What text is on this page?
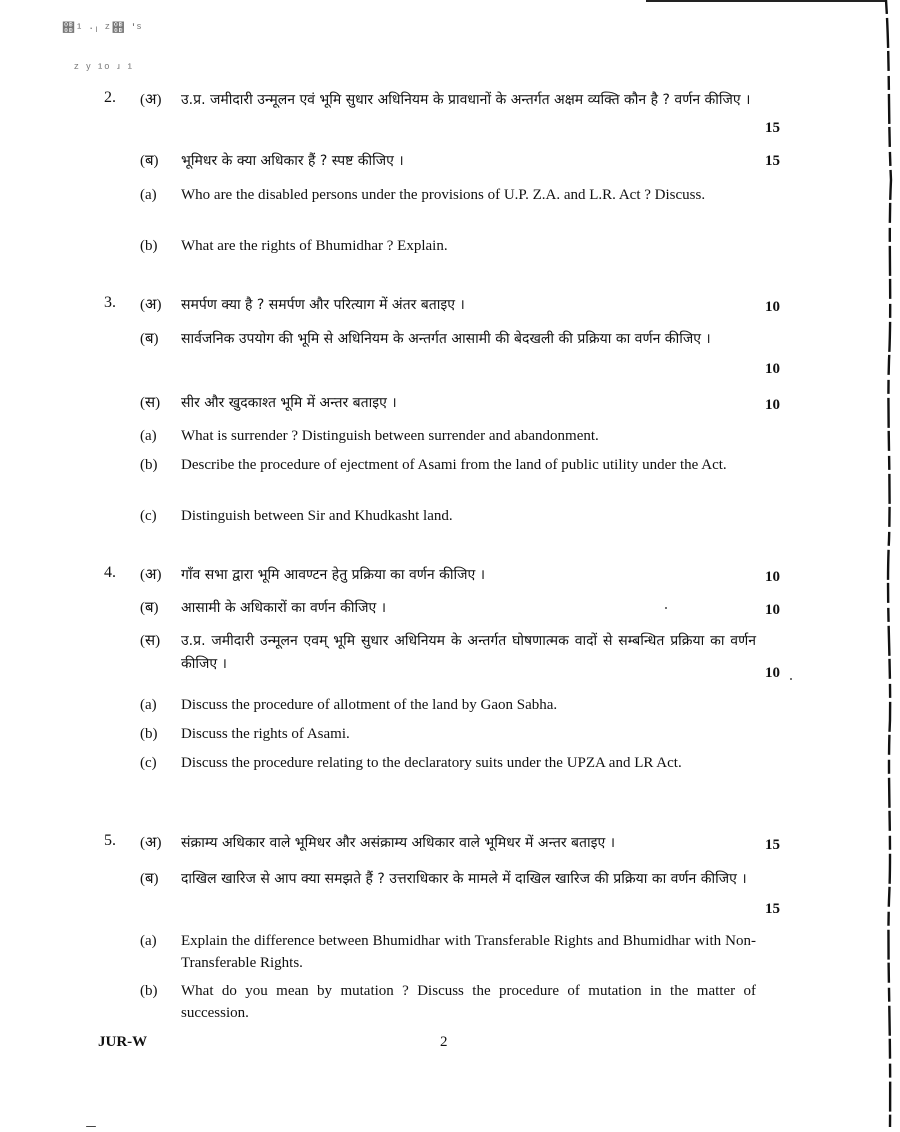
஋¹ ·ₗ ᶻ஋ ʹˢ
ᶻ ʸ ¹ᵒ ʴ ¹
2. (अ) उ.प्र. जमीदारी उन्मूलन एवं भूमि सुधार अधिनियम के प्रावधानों के अन्तर्गत अक्षम व्यक्ति कौन है ? वर्णन कीजिए ।
15
(ब) भूमिधर के क्या अधिकार हैं ? स्पष्ट कीजिए ।	15
(a) Who are the disabled persons under the provisions of U.P. Z.A. and L.R. Act ? Discuss.
(b) What are the rights of Bhumidhar ? Explain.
3. (अ) समर्पण क्या है ? समर्पण और परित्याग में अंतर बताइए ।	10
(ब) सार्वजनिक उपयोग की भूमि से अधिनियम के अन्तर्गत आसामी की बेदखली की प्रक्रिया का वर्णन कीजिए ।
10
(स) सीर और खुदकाश्त भूमि में अन्तर बताइए ।	10
(a) What is surrender ? Distinguish between surrender and abandonment.
(b) Describe the procedure of ejectment of Asami from the land of public utility under the Act.
(c) Distinguish between Sir and Khudkasht land.
4. (अ) गाँव सभा द्वारा भूमि आवण्टन हेतु प्रक्रिया का वर्णन कीजिए ।	10
(ब) आसामी के अधिकारों का वर्णन कीजिए ।	10
(स) उ.प्र. जमीदारी उन्मूलन एवम् भूमि सुधार अधिनियम के अन्तर्गत घोषणात्मक वादों से सम्बन्धित प्रक्रिया का वर्णन कीजिए ।
10
(a) Discuss the procedure of allotment of the land by Gaon Sabha.
(b) Discuss the rights of Asami.
(c) Discuss the procedure relating to the declaratory suits under the UPZA and LR Act.
5. (अ) संक्राम्य अधिकार वाले भूमिधर और असंक्राम्य अधिकार वाले भूमिधर में अन्तर बताइए ।	15
(ब) दाखिल खारिज से आप क्या समझते हैं ? उत्तराधिकार के मामले में दाखिल खारिज की प्रक्रिया का वर्णन कीजिए ।
15
(a) Explain the difference between Bhumidhar with Transferable Rights and Bhumidhar with Non-Transferable Rights.
(b) What do you mean by mutation ? Discuss the procedure of mutation in the matter of succession.
JUR-W	2
